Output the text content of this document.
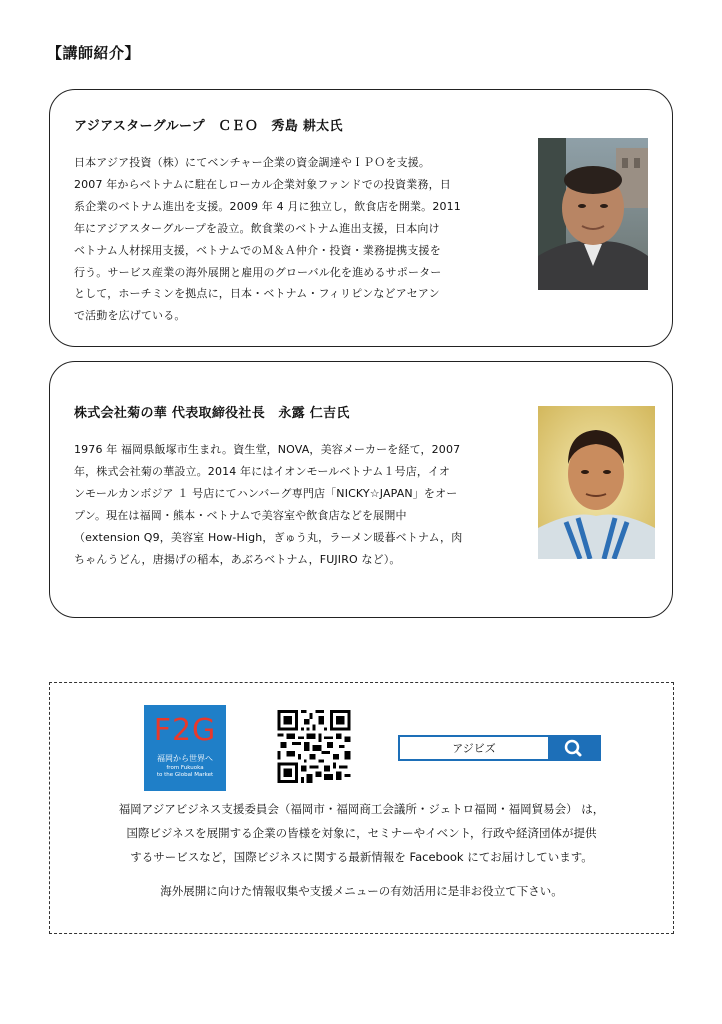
【講師紹介】
アジアスターグループ　ＣＥＯ　秀島 耕太氏
日本アジア投資（株）にてベンチャー企業の資金調達やＩＰＯを支援。
2007 年からベトナムに駐在しローカル企業対象ファンドでの投資業務，日
系企業のベトナム進出を支援。2009 年 4 月に独立し，飲食店を開業。2011
年にアジアスターグループを設立。飲食業のベトナム進出支援，日本向け
ベトナム人材採用支援，ベトナムでのＭ＆Ａ仲介・投資・業務提携支援を
行う。サービス産業の海外展開と雇用のグローバル化を進めるサポーター
として，ホーチミンを拠点に，日本・ベトナム・フィリピンなどアセアン
で活動を広げている。
株式会社菊の華 代表取締役社長　永露 仁吉氏
1976 年 福岡県飯塚市生まれ。資生堂，NOVA，美容メーカーを経て，2007
年，株式会社菊の華設立。2014 年にはイオンモールベトナム１号店，イオ
ンモールカンボジア １ 号店にてハンバーグ専門店「NICKY☆JAPAN」をオー
プン。現在は福岡・熊本・ベトナムで美容室や飲食店などを展開中
（extension Q9，美容室 How-High，ぎゅう丸，ラーメン暖暮ベトナム，肉
ちゃんうどん，唐揚げの稲本，あぶろベトナム，FUJIRO など）。
F2G
福岡から世界へ
from Fukuoka
to the Global Market
アジビズ
福岡アジアビジネス支援委員会（福岡市・福岡商工会議所・ジェトロ福岡・福岡貿易会） は，
国際ビジネスを展開する企業の皆様を対象に，セミナーやイベント，行政や経済団体が提供
するサービスなど，国際ビジネスに関する最新情報を Facebook にてお届けしています。
海外展開に向けた情報収集や支援メニューの有効活用に是非お役立て下さい。
